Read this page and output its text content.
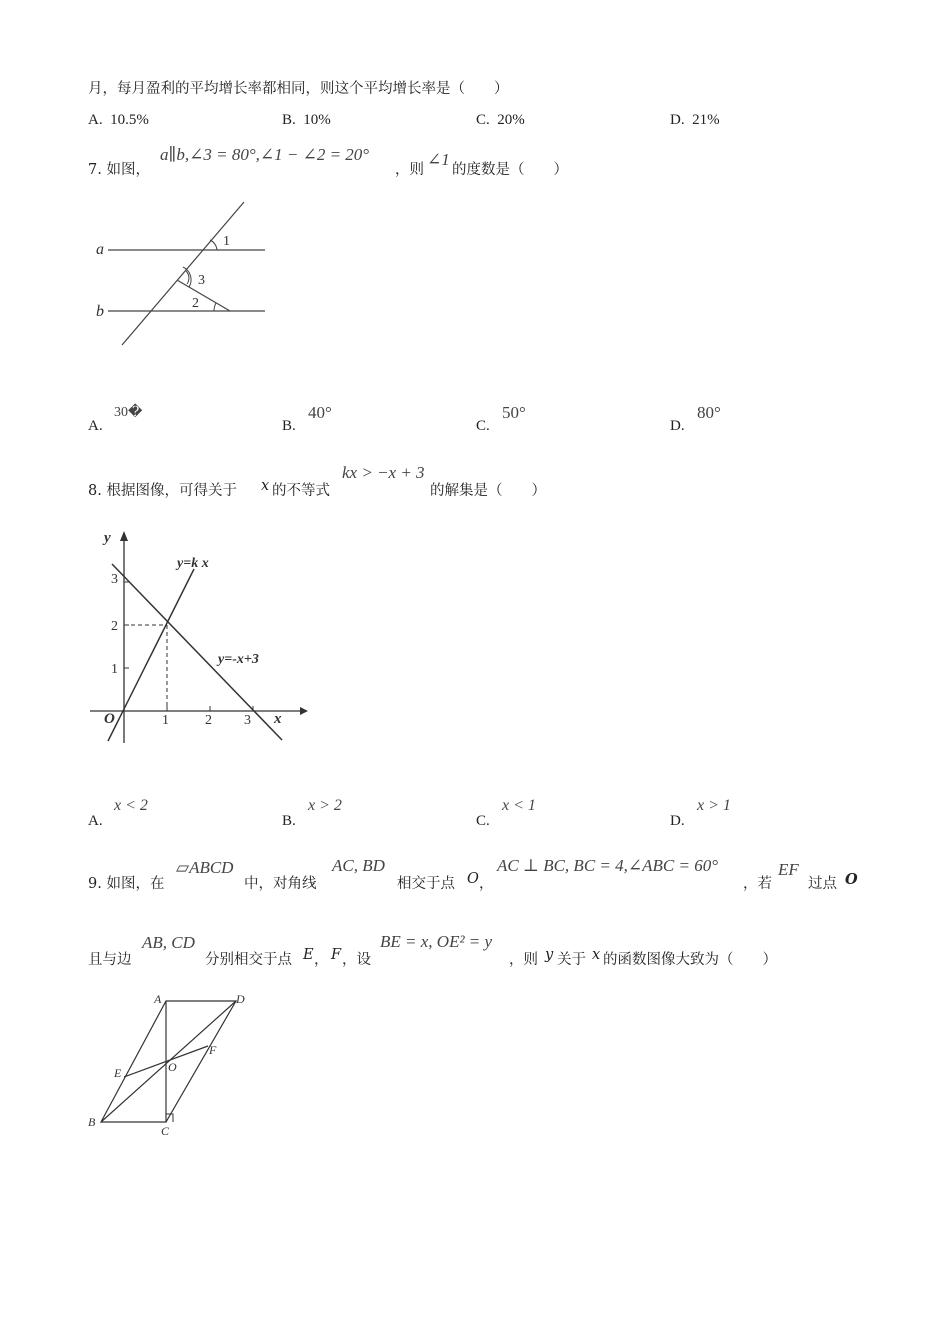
月，每月盈利的平均增长率都相同，则这个平均增长率是（　　）
A. 10.5%	B. 10%	C. 20%	D. 21%
7. 如图，
a∥b,∠3 = 80°,∠1 − ∠2 = 20°
，则
∠1
的度数是（　　）
a
b
1
3
2
A.
30�
B.
40°
C.
50°
D.
80°
8. 根据图像，可得关于 x 的不等式
kx > −x + 3
的解集是（　　）
y
x
O	1	2 3
1
2
3
y=k x
y=-x+3
A.
x < 2
B.
x > 2
C.
x < 1
D.
x > 1
9. 如图，在
▱ABCD
中，对角线
AC, BD
相交于点 O ，
AC ⊥ BC, BC = 4,∠ABC = 60°
，若
EF
过点 O
且与边
AB, CD
分别相交于点 E ， F ，设
BE = x, OE² = y
，则 y 关于 x 的函数图像大致为（　　）
A	D
B
C
E
F
O
